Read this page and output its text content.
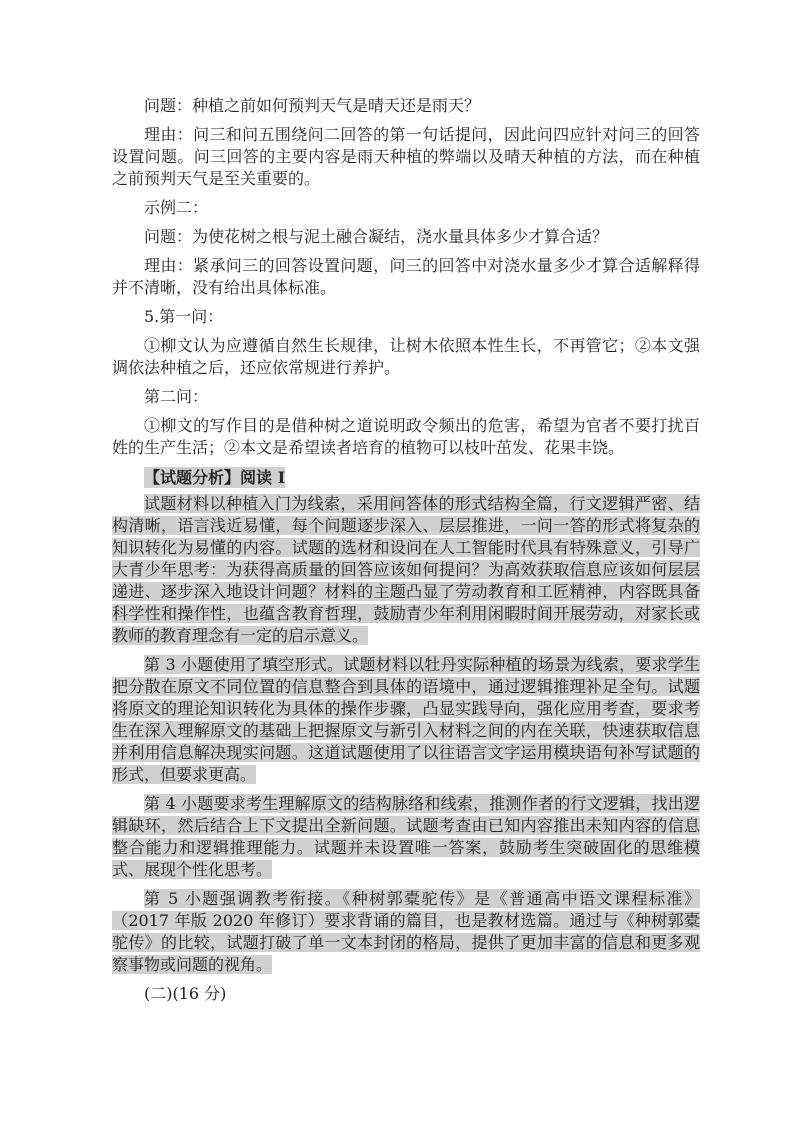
问题：种植之前如何预判天气是晴天还是雨天？

理由：问三和问五围绕问二回答的第一句话提问，因此问四应针对问三的回答设置问题。问三回答的主要内容是雨天种植的弊端以及晴天种植的方法，而在种植之前预判天气是至关重要的。

示例二：

问题：为使花树之根与泥土融合凝结，浇水量具体多少才算合适？

理由：紧承问三的回答设置问题，问三的回答中对浇水量多少才算合适解释得并不清晰，没有给出具体标准。

5.第一问：

①柳文认为应遵循自然生长规律，让树木依照本性生长，不再管它；②本文强调依法种植之后，还应依常规进行养护。

第二问：

①柳文的写作目的是借种树之道说明政令频出的危害，希望为官者不要打扰百姓的生产生活；②本文是希望读者培育的植物可以枝叶茁发、花果丰饶。

【试题分析】阅读 I

试题材料以种植入门为线索，采用问答体的形式结构全篇，行文逻辑严密、结构清晰，语言浅近易懂，每个问题逐步深入、层层推进，一问一答的形式将复杂的知识转化为易懂的内容。试题的选材和设问在人工智能时代具有特殊意义，引导广大青少年思考：为获得高质量的回答应该如何提问？为高效获取信息应该如何层层递进、逐步深入地设计问题？材料的主题凸显了劳动教育和工匠精神，内容既具备科学性和操作性，也蕴含教育哲理，鼓励青少年利用闲暇时间开展劳动，对家长或教师的教育理念有一定的启示意义。

第 3 小题使用了填空形式。试题材料以牡丹实际种植的场景为线索，要求学生把分散在原文不同位置的信息整合到具体的语境中，通过逻辑推理补足全句。试题将原文的理论知识转化为具体的操作步骤，凸显实践导向，强化应用考查，要求考生在深入理解原文的基础上把握原文与新引入材料之间的内在关联，快速获取信息并利用信息解决现实问题。这道试题使用了以往语言文字运用模块语句补写试题的形式，但要求更高。

第 4 小题要求考生理解原文的结构脉络和线索，推测作者的行文逻辑，找出逻辑缺环，然后结合上下文提出全新问题。试题考查由已知内容推出未知内容的信息整合能力和逻辑推理能力。试题并未设置唯一答案，鼓励考生突破固化的思维模式、展现个性化思考。

第 5 小题强调教考衔接。《种树郭橐驼传》是《普通高中语文课程标准》（2017 年版 2020 年修订）要求背诵的篇目，也是教材选篇。通过与《种树郭橐驼传》的比较，试题打破了单一文本封闭的格局，提供了更加丰富的信息和更多观察事物或问题的视角。

(二)(16 分)
